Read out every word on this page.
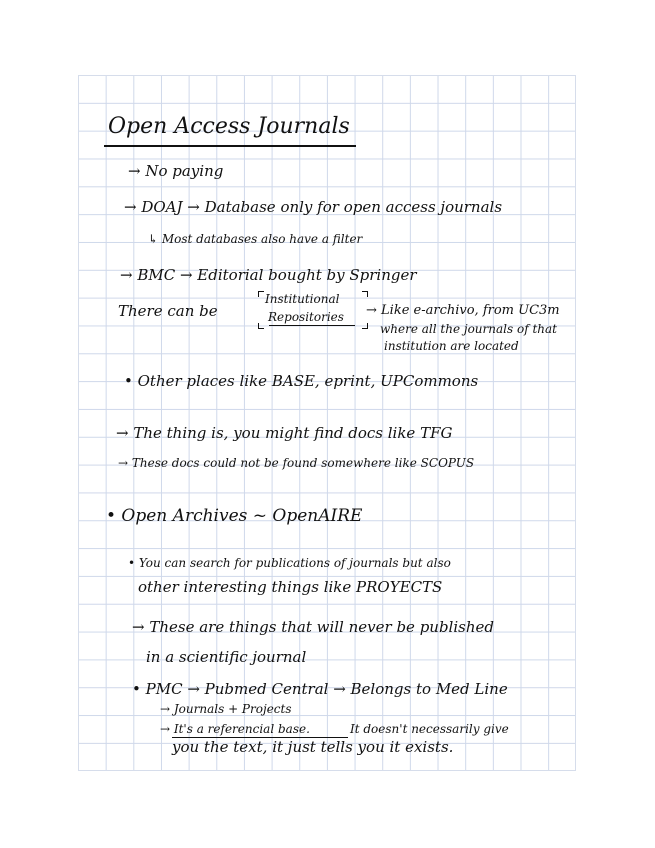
Open Access Journals
→ No paying
→ DOAJ → Database only for open access journals
↳ Most databases also have a filter
→ BMC → Editorial bought by Springer
There can be
Institutional
Repositories → Like e-archivo, from UC3m
where all the journals of that
institution are located
• Other places like BASE, eprint, UPCommons
→ The thing is, you might find docs like TFG
→ These docs could not be found somewhere like SCOPUS
• Open Archives ~ OpenAIRE
• You can search for publications of journals but also
other interesting things like PROYECTS
→ These are things that will never be published
in a scientific journal
• PMC → Pubmed Central → Belongs to Med Line
→ Journals + Projects
→ It's a referencial base.	It doesn't necessarily give
you the text, it just tells you it exists.
